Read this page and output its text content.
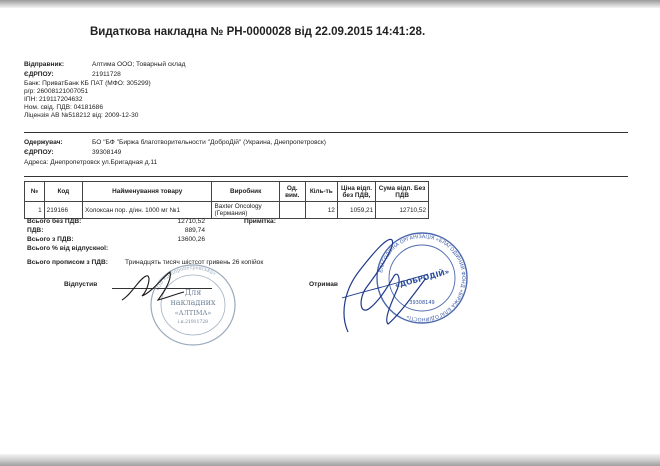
Видаткова накладна № РН-0000028 від 22.09.2015 14:41:28.
Відправник:	Алтима ООО; Товарный склад
ЄДРПОУ:	21911728
Банк: ПриватБанк КБ ПАТ (МФО: 305299)
р/р: 26008121007051
ІПН: 219117204632
Ном. свід. ПДВ: 04181686
Ліцензія АВ №518212 від: 2009-12-30
Одержувач:	БО "БФ "Биржа благотворительности "ДоброДій" (Украина, Днепропетровск)
ЄДРПОУ:	39308149
Адреса: Днепропетровск ул.Бригадная д.11
№	Код	Найменування товару	Виробник	Од. вим.	Кіль-ть	Ціна відп. без ПДВ,	Сума відп. Без ПДВ
1	219166	Холоксан пор. д/ин. 1000 мг №1	Baxter Oncology (Германия)		12	1059,21	12710,52
Всього без ПДВ:	12710,52	Примітка:
ПДВ:	889,74
Всього з ПДВ:	13600,26
Всього % від відпускної:
Всього прописом з ПДВ:	Тринадцять тисяч шістсот гривень 26 копійок
Відпустив	Отримав
ТОВ «Дніпропетровська»
Для
накладних
«АЛТІМА»
і.к.21911728
БЛАГОДІЙНА ОРГАНІЗАЦІЯ «БЛАГОДІЙНИЙ ФОНД «БІРЖА БЛАГОДІЙНОСТІ»
«ДОБРОДІЙ»
39308149
